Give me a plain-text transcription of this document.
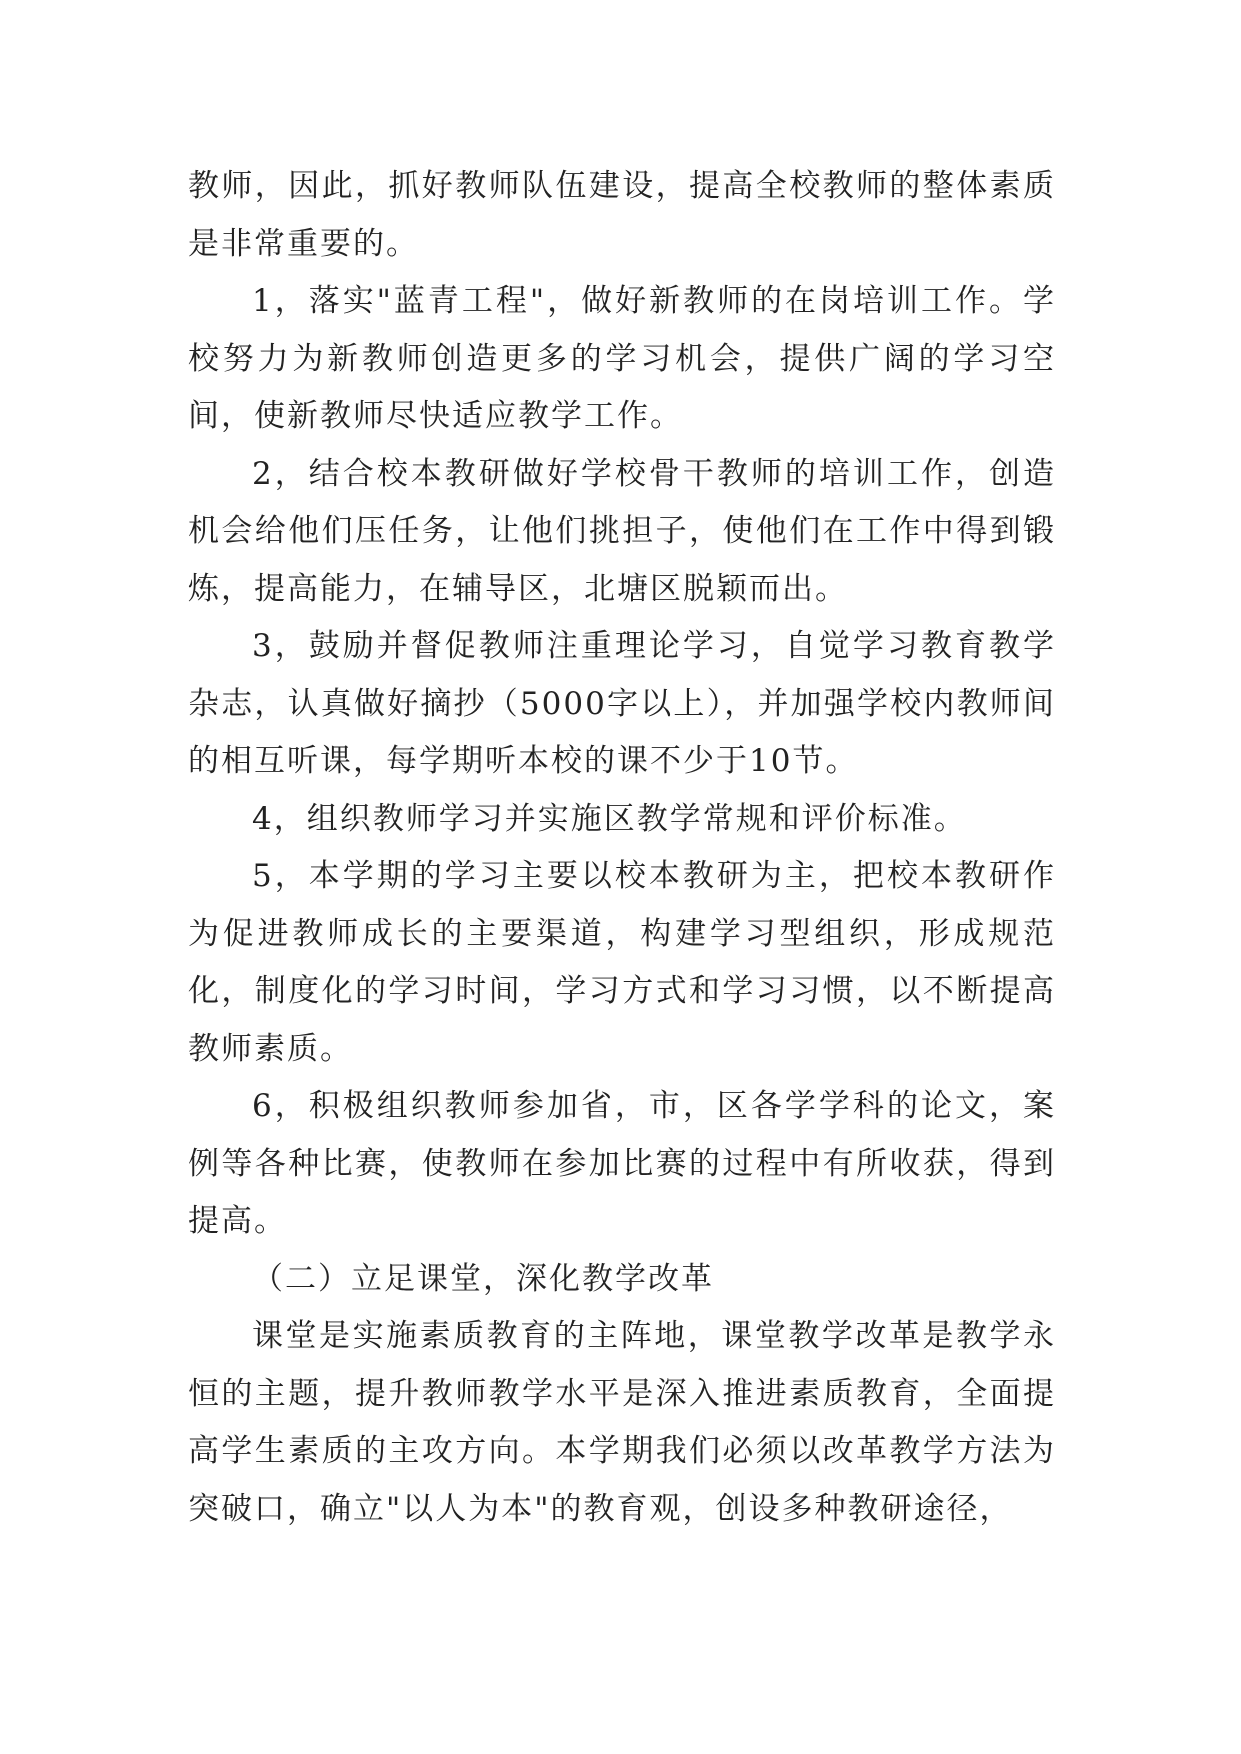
教师，因此，抓好教师队伍建设，提高全校教师的整体素质是非常重要的。

1，落实"蓝青工程"，做好新教师的在岗培训工作。学校努力为新教师创造更多的学习机会，提供广阔的学习空间，使新教师尽快适应教学工作。

2，结合校本教研做好学校骨干教师的培训工作，创造机会给他们压任务，让他们挑担子，使他们在工作中得到锻炼，提高能力，在辅导区，北塘区脱颖而出。

3，鼓励并督促教师注重理论学习，自觉学习教育教学杂志，认真做好摘抄（5000字以上），并加强学校内教师间的相互听课，每学期听本校的课不少于10节。

4，组织教师学习并实施区教学常规和评价标准。

5，本学期的学习主要以校本教研为主，把校本教研作为促进教师成长的主要渠道，构建学习型组织，形成规范化，制度化的学习时间，学习方式和学习习惯，以不断提高教师素质。

6，积极组织教师参加省，市，区各学学科的论文，案例等各种比赛，使教师在参加比赛的过程中有所收获，得到提高。

（二）立足课堂，深化教学改革

课堂是实施素质教育的主阵地，课堂教学改革是教学永恒的主题，提升教师教学水平是深入推进素质教育，全面提高学生素质的主攻方向。本学期我们必须以改革教学方法为突破口，确立"以人为本"的教育观，创设多种教研途径，
